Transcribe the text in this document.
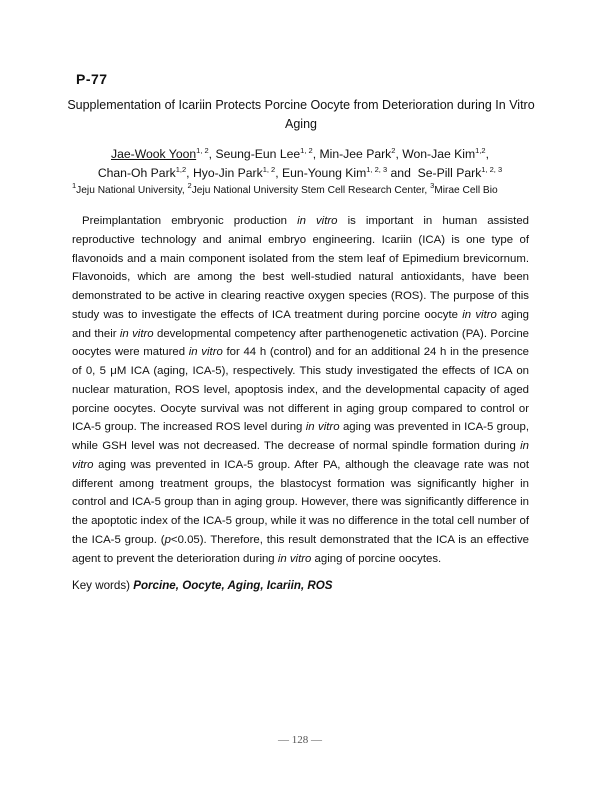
P-77
Supplementation of Icariin Protects Porcine Oocyte from Deterioration during In Vitro Aging
Jae-Wook Yoon$^{1, 2}$, Seung-Eun Lee$^{1, 2}$, Min-Jee Park$^2$, Won-Jae Kim$^{1,2}$,
Chan-Oh Park$^{1,2}$, Hyo-Jin Park$^{1, 2}$, Eun-Young Kim$^{1, 2, 3}$ and  Se-Pill Park$^{1, 2, 3}$
$^1$Jeju National University, $^2$Jeju National University Stem Cell Research Center, $^3$Mirae Cell Bio

Preimplantation embryonic production in vitro is important in human assisted reproductive technology and animal embryo engineering. Icariin (ICA) is one type of flavonoids and a main component isolated from the stem leaf of Epimedium brevicornum. Flavonoids, which are among the best well-studied natural antioxidants, have been demonstrated to be active in clearing reactive oxygen species (ROS). The purpose of this study was to investigate the effects of ICA treatment during porcine oocyte in vitro aging and their in vitro developmental competency after parthenogenetic activation (PA). Porcine oocytes were matured in vitro for 44 h (control) and for an additional 24 h in the presence of 0, 5 μM ICA (aging, ICA-5), respectively. This study investigated the effects of ICA on nuclear maturation, ROS level, apoptosis index, and the developmental capacity of aged porcine oocytes. Oocyte survival was not different in aging group compared to control or ICA-5 group. The increased ROS level during in vitro aging was prevented in ICA-5 group, while GSH level was not decreased. The decrease of normal spindle formation during in vitro aging was prevented in ICA-5 group. After PA, although the cleavage rate was not different among treatment groups, the blastocyst formation was significantly higher in control and ICA-5 group than in aging group. However, there was significantly difference in the apoptotic index of the ICA-5 group, while it was no difference in the total cell number of the ICA-5 group. (p<0.05). Therefore, this result demonstrated that the ICA is an effective agent to prevent the deterioration during in vitro aging of porcine oocytes.

Key words) Porcine, Oocyte, Aging, Icariin, ROS
— 128 —
